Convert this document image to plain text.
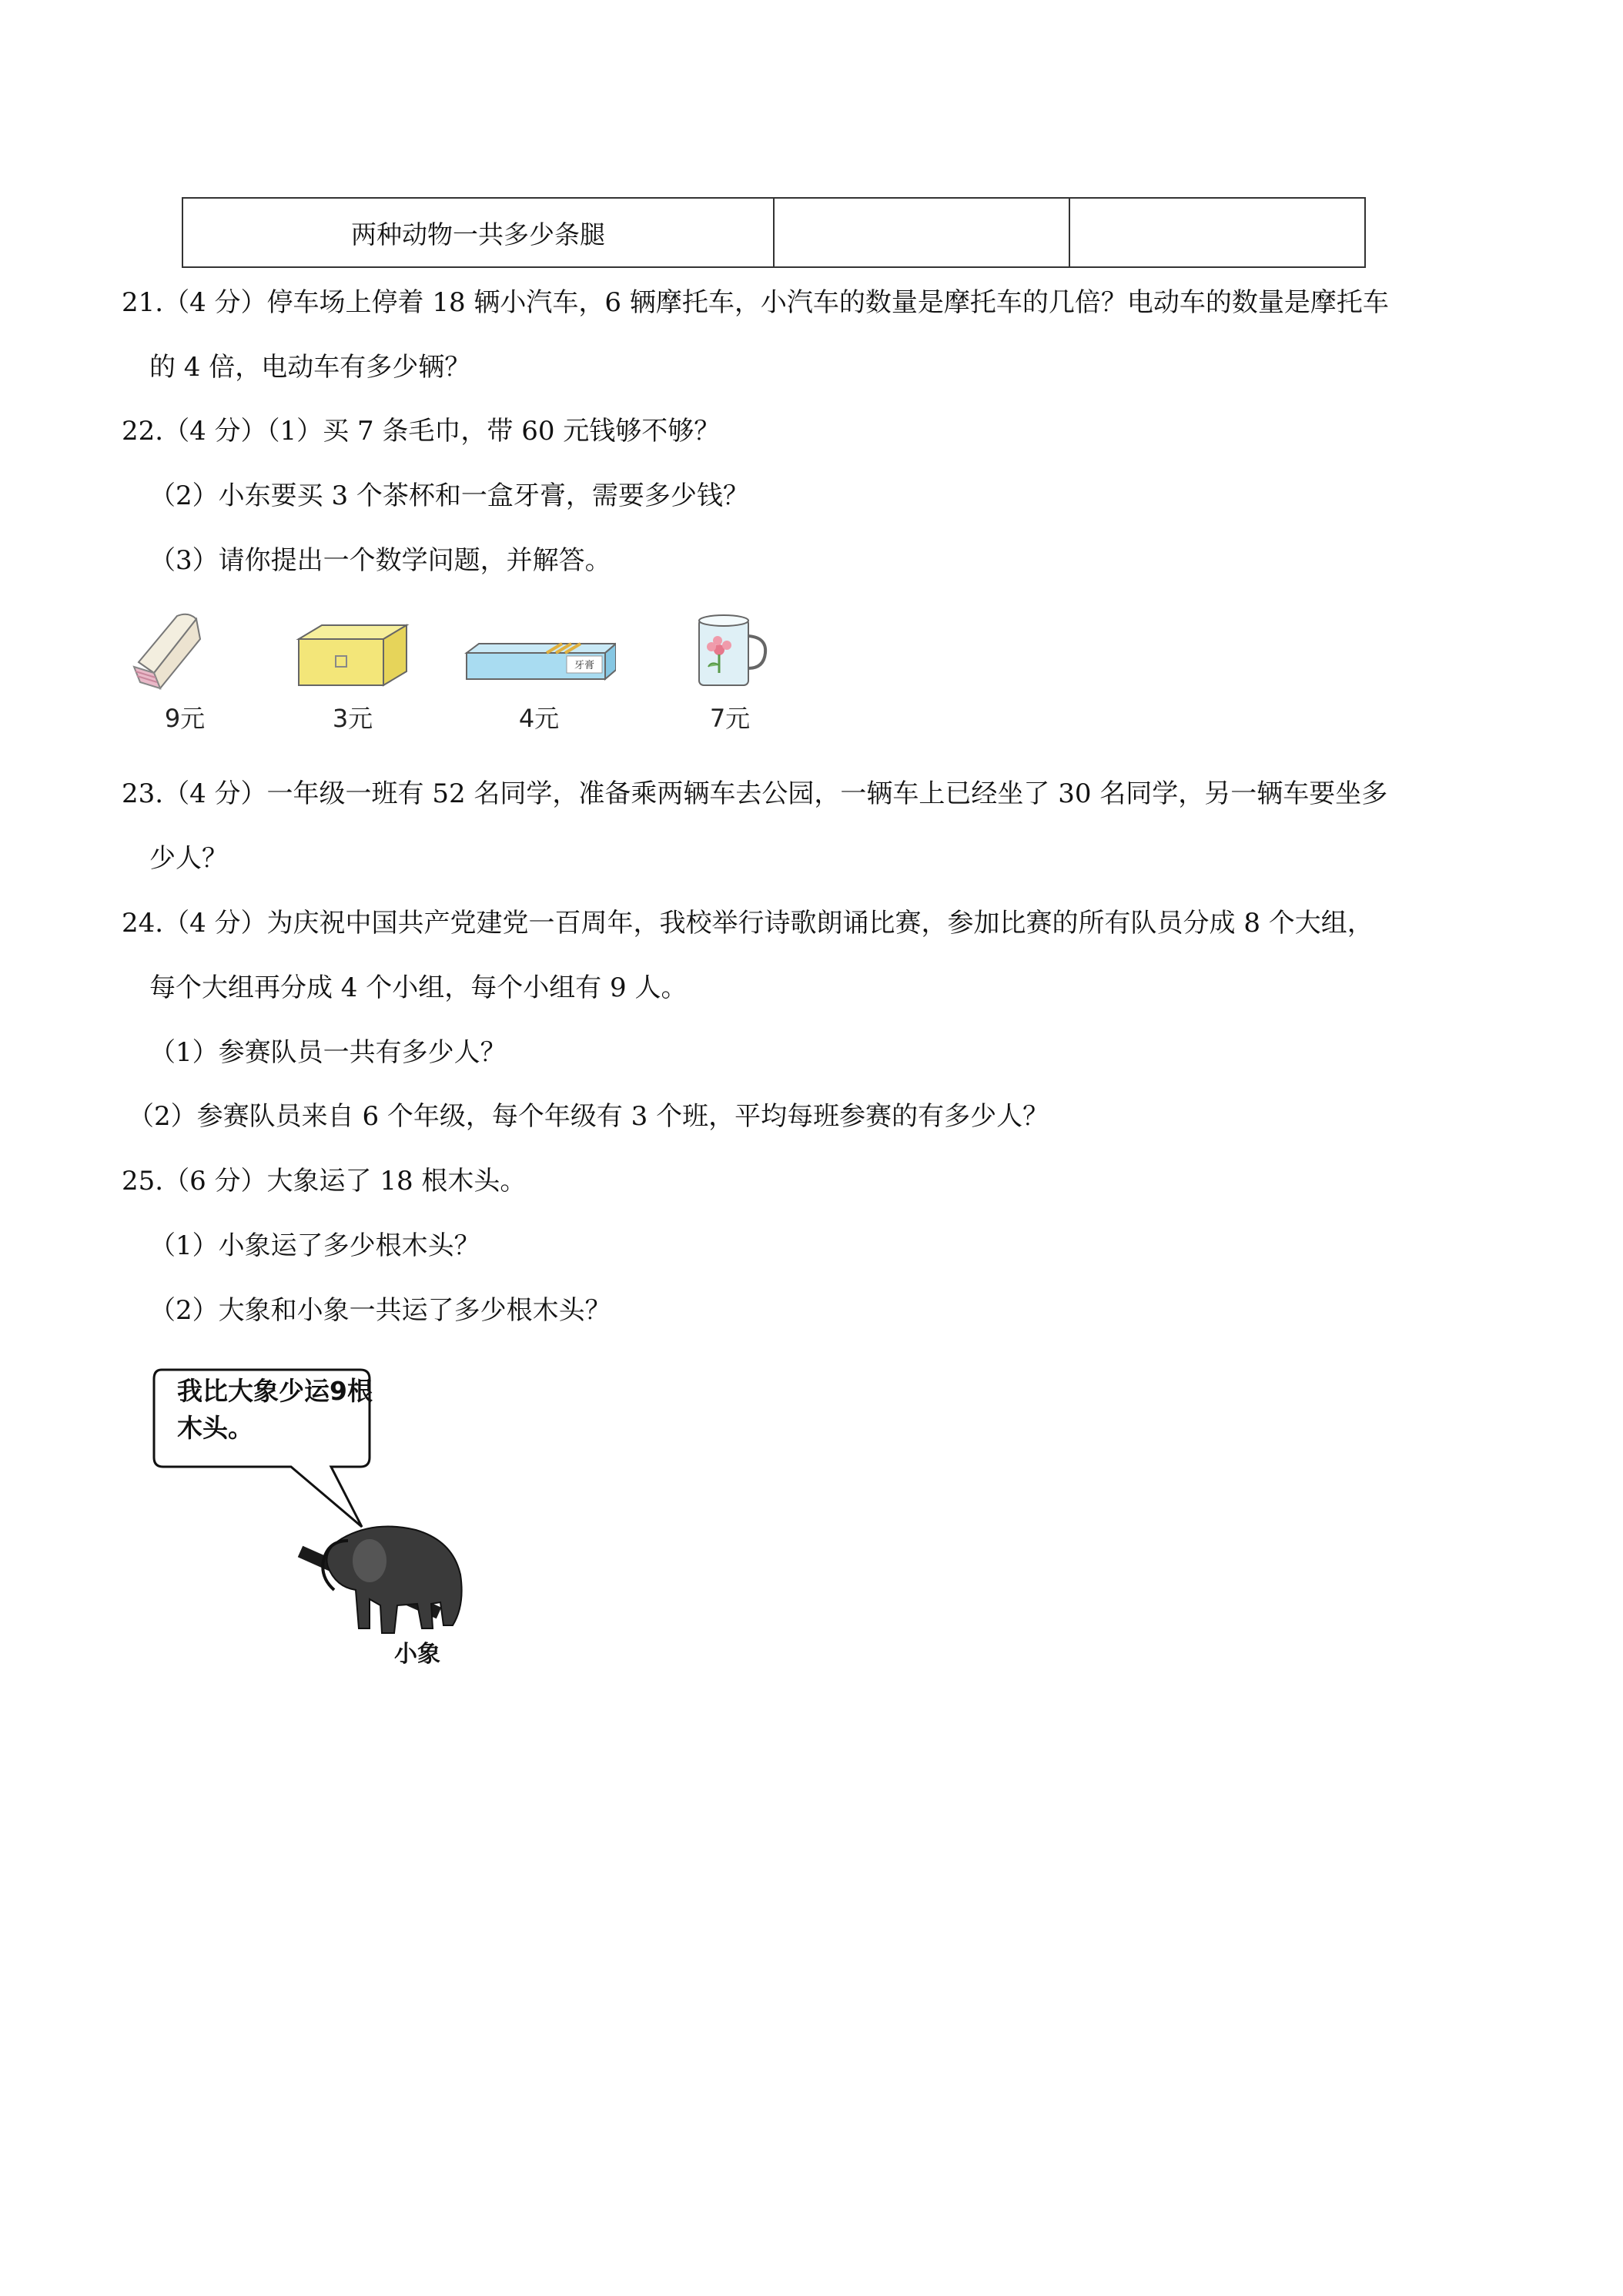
两种动物一共多少条腿		
21.（4 分）停车场上停着 18 辆小汽车，6 辆摩托车，小汽车的数量是摩托车的几倍？电动车的数量是摩托车
的 4 倍，电动车有多少辆？
22.（4 分）（1）买 7 条毛巾，带 60 元钱够不够？
（2）小东要买 3 个茶杯和一盒牙膏，需要多少钱？
（3）请你提出一个数学问题，并解答。
9元	3元
牙膏
4元	7元
23.（4 分）一年级一班有 52 名同学，准备乘两辆车去公园，一辆车上已经坐了 30 名同学，另一辆车要坐多
少人？
24.（4 分）为庆祝中国共产党建党一百周年，我校举行诗歌朗诵比赛，参加比赛的所有队员分成 8 个大组，
每个大组再分成 4 个小组，每个小组有 9 人。
（1）参赛队员一共有多少人？
（2）参赛队员来自 6 个年级，每个年级有 3 个班，平均每班参赛的有多少人？
25.（6 分）大象运了 18 根木头。
（1）小象运了多少根木头？
（2）大象和小象一共运了多少根木头？
我比大象少运9根木头。
小象
